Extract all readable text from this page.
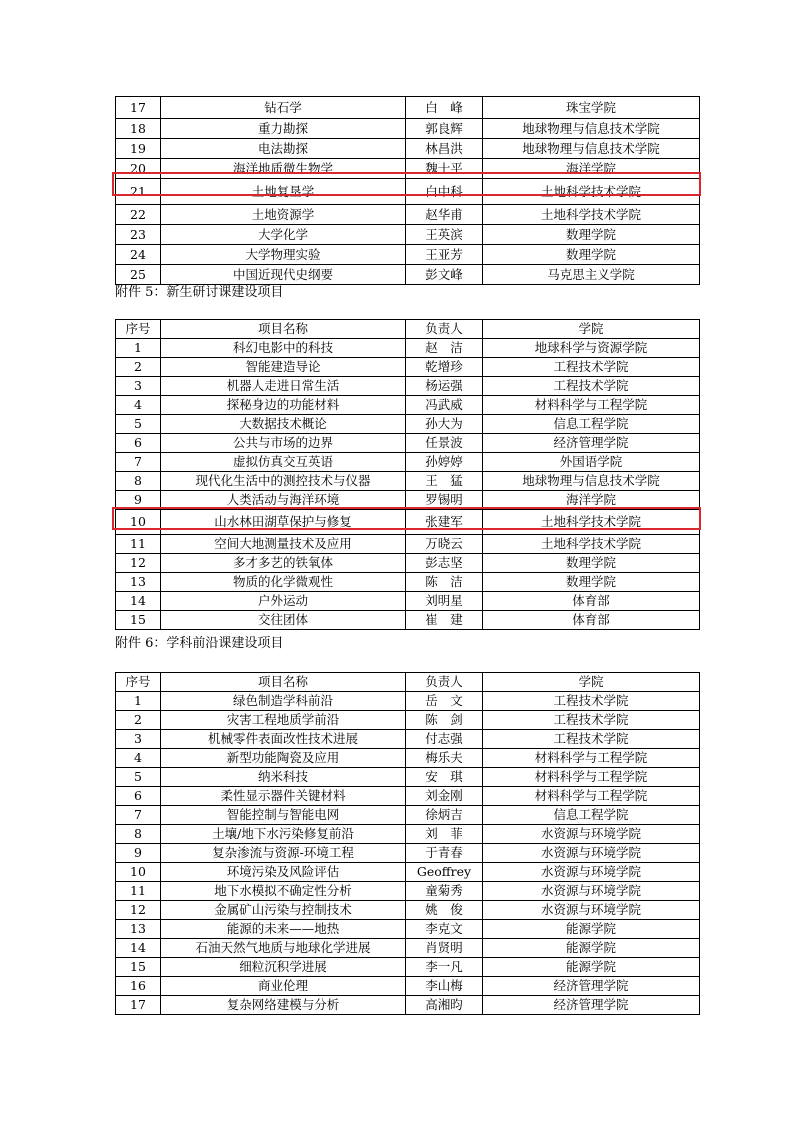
17	钻石学	白　峰	珠宝学院
18	重力勘探	郭良辉	地球物理与信息技术学院
19	电法勘探	林昌洪	地球物理与信息技术学院
20	海洋地质微生物学	魏士平	海洋学院
21	土地复垦学	白中科	土地科学技术学院
22	土地资源学	赵华甫	土地科学技术学院
23	大学化学	王英滨	数理学院
24	大学物理实验	王亚芳	数理学院
25	中国近现代史纲要	彭文峰	马克思主义学院
附件 5：新生研讨课建设项目
序号	项目名称	负责人	学院
1	科幻电影中的科技	赵　洁	地球科学与资源学院
2	智能建造导论	乾增珍	工程技术学院
3	机器人走进日常生活	杨运强	工程技术学院
4	探秘身边的功能材料	冯武威	材料科学与工程学院
5	大数据技术概论	孙大为	信息工程学院
6	公共与市场的边界	任景波	经济管理学院
7	虚拟仿真交互英语	孙婷婷	外国语学院
8	现代化生活中的测控技术与仪器	王　猛	地球物理与信息技术学院
9	人类活动与海洋环境	罗锡明	海洋学院
10	山水林田湖草保护与修复	张建军	土地科学技术学院
11	空间大地测量技术及应用	万晓云	土地科学技术学院
12	多才多艺的铁氧体	彭志坚	数理学院
13	物质的化学微观性	陈　洁	数理学院
14	户外运动	刘明星	体育部
15	交往团体	崔　建	体育部
附件 6：学科前沿课建设项目
序号	项目名称	负责人	学院
1	绿色制造学科前沿	岳　文	工程技术学院
2	灾害工程地质学前沿	陈　剑	工程技术学院
3	机械零件表面改性技术进展	付志强	工程技术学院
4	新型功能陶瓷及应用	梅乐夫	材料科学与工程学院
5	纳米科技	安　琪	材料科学与工程学院
6	柔性显示器件关键材料	刘金刚	材料科学与工程学院
7	智能控制与智能电网	徐炳吉	信息工程学院
8	土壤/地下水污染修复前沿	刘　菲	水资源与环境学院
9	复杂渗流与资源-环境工程	于青春	水资源与环境学院
10	环境污染及风险评估	Geoffrey	水资源与环境学院
11	地下水模拟不确定性分析	童菊秀	水资源与环境学院
12	金属矿山污染与控制技术	姚　俊	水资源与环境学院
13	能源的未来——地热	李克文	能源学院
14	石油天然气地质与地球化学进展	肖贤明	能源学院
15	细粒沉积学进展	李一凡	能源学院
16	商业伦理	李山梅	经济管理学院
17	复杂网络建模与分析	高湘昀	经济管理学院
